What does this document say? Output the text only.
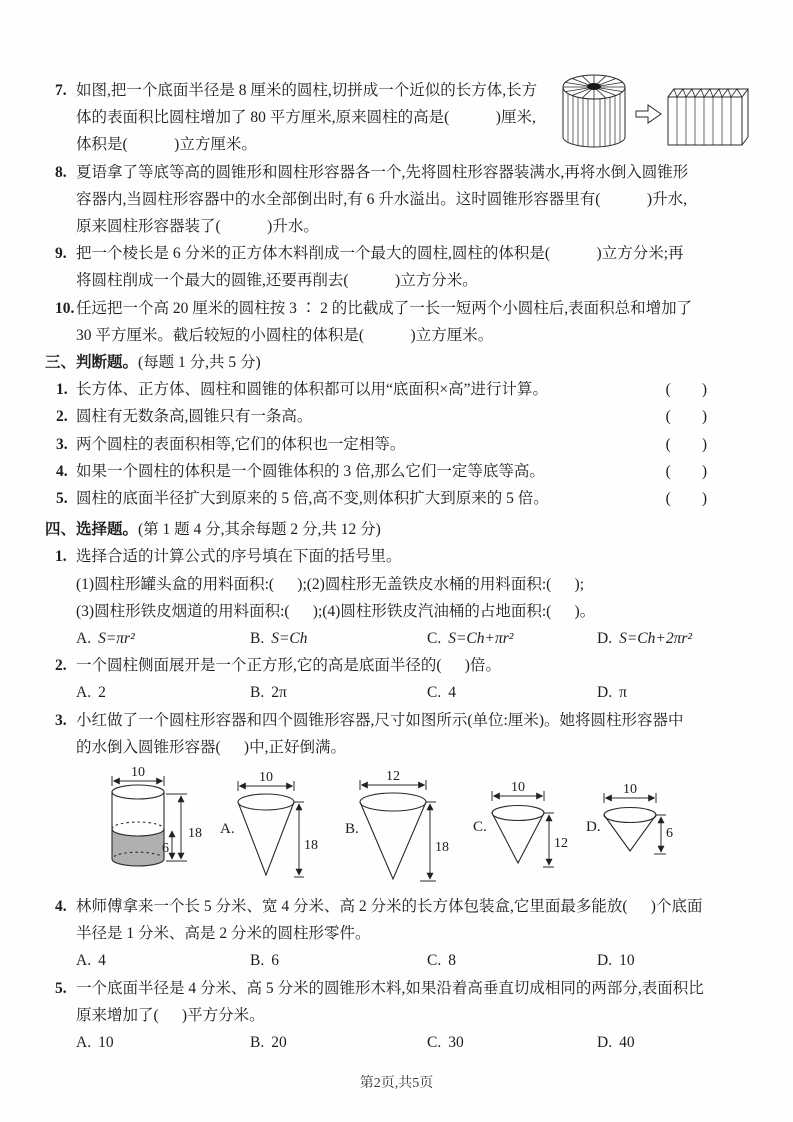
7. 如图,把一个底面半径是 8 厘米的圆柱,切拼成一个近似的长方体,长方
体的表面积比圆柱增加了 80 平方厘米,原来圆柱的高是(            )厘米,
体积是(            )立方厘米。
8. 夏语拿了等底等高的圆锥形和圆柱形容器各一个,先将圆柱形容器装满水,再将水倒入圆锥形
容器内,当圆柱形容器中的水全部倒出时,有 6 升水溢出。这时圆锥形容器里有(            )升水,
原来圆柱形容器装了(            )升水。
9. 把一个棱长是 6 分米的正方体木料削成一个最大的圆柱,圆柱的体积是(            )立方分米;再
将圆柱削成一个最大的圆锥,还要再削去(            )立方分米。
10. 任远把一个高 20 厘米的圆柱按 3 ∶ 2 的比截成了一长一短两个小圆柱后,表面积总和增加了
30 平方厘米。截后较短的小圆柱的体积是(            )立方厘米。
三、判断题。(每题 1 分,共 5 分)
1. 长方体、正方体、圆柱和圆锥的体积都可以用“底面积×高”进行计算。	(        )
2. 圆柱有无数条高,圆锥只有一条高。	(        )
3. 两个圆柱的表面积相等,它们的体积也一定相等。	(        )
4. 如果一个圆柱的体积是一个圆锥体积的 3 倍,那么它们一定等底等高。	(        )
5. 圆柱的底面半径扩大到原来的 5 倍,高不变,则体积扩大到原来的 5 倍。	(        )
四、选择题。(第 1 题 4 分,其余每题 2 分,共 12 分)
1. 选择合适的计算公式的序号填在下面的括号里。
(1)圆柱形罐头盒的用料面积:(      );(2)圆柱形无盖铁皮水桶的用料面积:(      );
(3)圆柱形铁皮烟道的用料面积:(      );(4)圆柱形铁皮汽油桶的占地面积:(      )。
A. S=πr²	B. S=Ch	C. S=Ch+πr²	D. S=Ch+2πr²
2. 一个圆柱侧面展开是一个正方形,它的高是底面半径的(      )倍。
A. 2	B. 2π	C. 4	D. π
3. 小红做了一个圆柱形容器和四个圆锥形容器,尺寸如图所示(单位:厘米)。她将圆柱形容器中
的水倒入圆锥形容器(      )中,正好倒满。
10
18
6
A.
10
18
B.
12
18
C.
10
12
D.
10
6
4. 林师傅拿来一个长 5 分米、宽 4 分米、高 2 分米的长方体包装盒,它里面最多能放(      )个底面
半径是 1 分米、高是 2 分米的圆柱形零件。
A. 4	B. 6	C. 8	D. 10
5. 一个底面半径是 4 分米、高 5 分米的圆锥形木料,如果沿着高垂直切成相同的两部分,表面积比
原来增加了(      )平方分米。
A. 10	B. 20	C. 30	D. 40
第2页,共5页
